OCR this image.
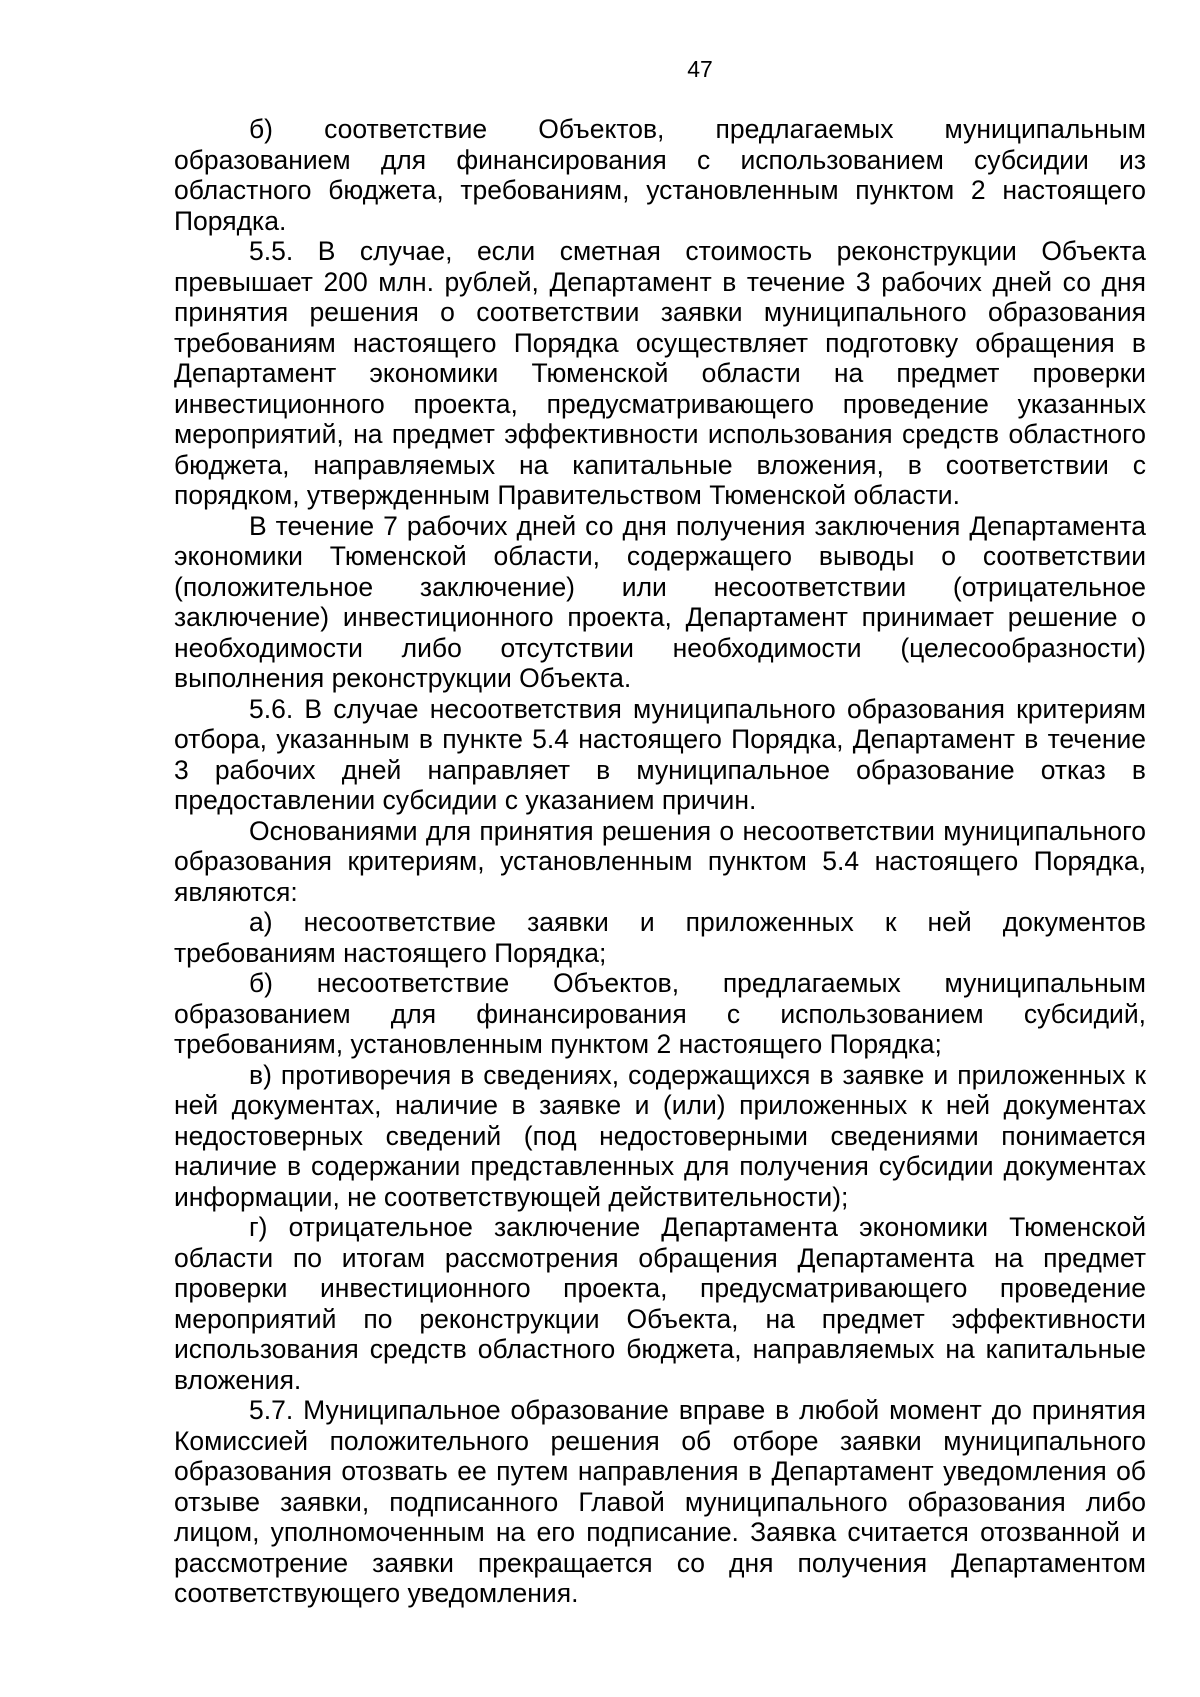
47

б) соответствие Объектов, предлагаемых муниципальным образованием для финансирования с использованием субсидии из областного бюджета, требованиям, установленным пунктом 2 настоящего Порядка.

5.5. В случае, если сметная стоимость реконструкции Объекта превышает 200 млн. рублей, Департамент в течение 3 рабочих дней со дня принятия решения о соответствии заявки муниципального образования требованиям настоящего Порядка осуществляет подготовку обращения в Департамент экономики Тюменской области на предмет проверки инвестиционного проекта, предусматривающего проведение указанных мероприятий, на предмет эффективности использования средств областного бюджета, направляемых на капитальные вложения, в соответствии с порядком, утвержденным Правительством Тюменской области.

В течение 7 рабочих дней со дня получения заключения Департамента экономики Тюменской области, содержащего выводы о соответствии (положительное заключение) или несоответствии (отрицательное заключение) инвестиционного проекта, Департамент принимает решение о необходимости либо отсутствии необходимости (целесообразности) выполнения реконструкции Объекта.

5.6. В случае несоответствия муниципального образования критериям отбора, указанным в пункте 5.4 настоящего Порядка, Департамент в течение 3 рабочих дней направляет в муниципальное образование отказ в предоставлении субсидии с указанием причин.

Основаниями для принятия решения о несоответствии муниципального образования критериям, установленным пунктом 5.4 настоящего Порядка, являются:

а) несоответствие заявки и приложенных к ней документов требованиям настоящего Порядка;

б) несоответствие Объектов, предлагаемых муниципальным образованием для финансирования с использованием субсидий, требованиям, установленным пунктом 2 настоящего Порядка;

в) противоречия в сведениях, содержащихся в заявке и приложенных к ней документах, наличие в заявке и (или) приложенных к ней документах недостоверных сведений (под недостоверными сведениями понимается наличие в содержании представленных для получения субсидии документах информации, не соответствующей действительности);

г) отрицательное заключение Департамента экономики Тюменской области по итогам рассмотрения обращения Департамента на предмет проверки инвестиционного проекта, предусматривающего проведение мероприятий по реконструкции Объекта, на предмет эффективности использования средств областного бюджета, направляемых на капитальные вложения.

5.7. Муниципальное образование вправе в любой момент до принятия Комиссией положительного решения об отборе заявки муниципального образования отозвать ее путем направления в Департамент уведомления об отзыве заявки, подписанного Главой муниципального образования либо лицом, уполномоченным на его подписание. Заявка считается отозванной и рассмотрение заявки прекращается со дня получения Департаментом соответствующего уведомления.
